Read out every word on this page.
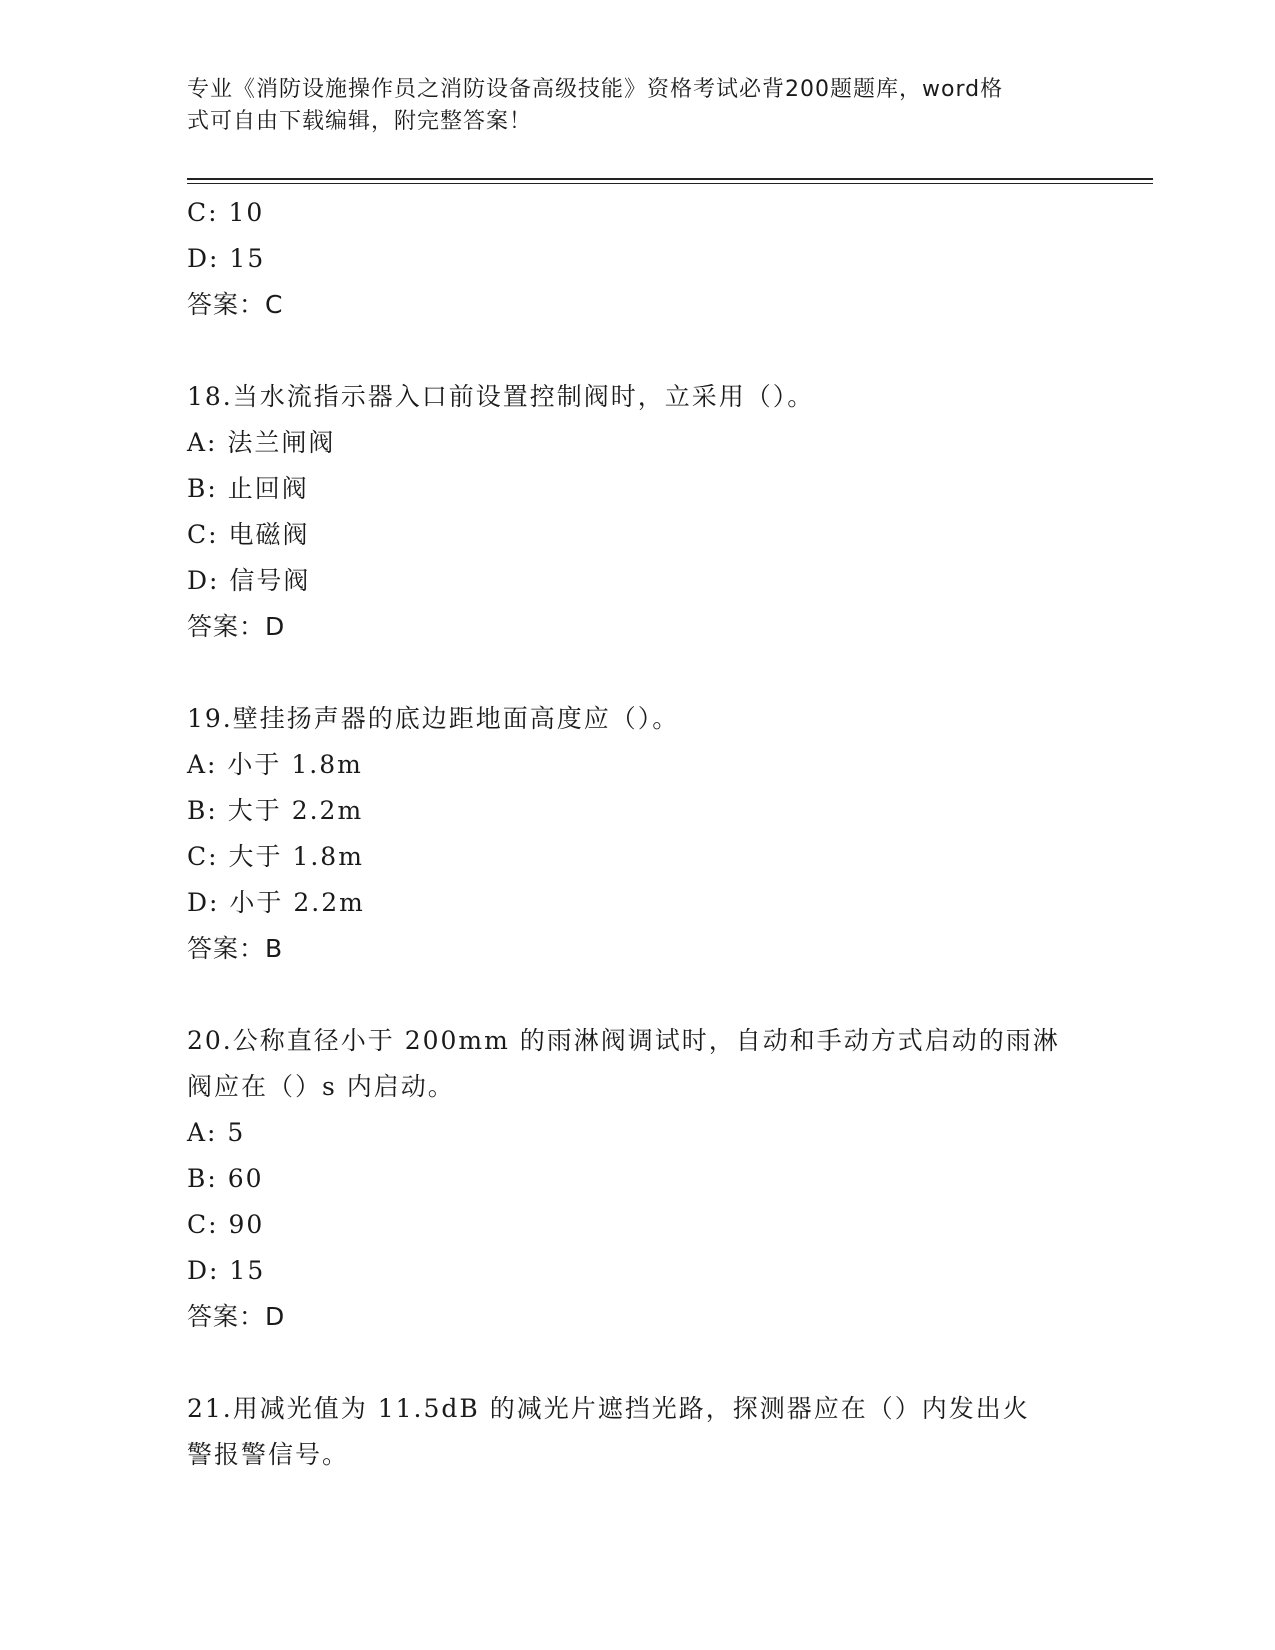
专业《消防设施操作员之消防设备高级技能》资格考试必背200题题库，word格
式可自由下载编辑，附完整答案！
C: 10
D: 15
答案：C
18.当水流指示器入口前设置控制阀时，立采用（）。
A: 法兰闸阀
B: 止回阀
C: 电磁阀
D: 信号阀
答案：D
19.壁挂扬声器的底边距地面高度应（）。
A: 小于 1.8m
B: 大于 2.2m
C: 大于 1.8m
D: 小于 2.2m
答案：B
20.公称直径小于 200mm 的雨淋阀调试时，自动和手动方式启动的雨淋
阀应在（）s 内启动。
A: 5
B: 60
C: 90
D: 15
答案：D
21.用减光值为 11.5dB 的减光片遮挡光路，探测器应在（）内发出火
警报警信号。
